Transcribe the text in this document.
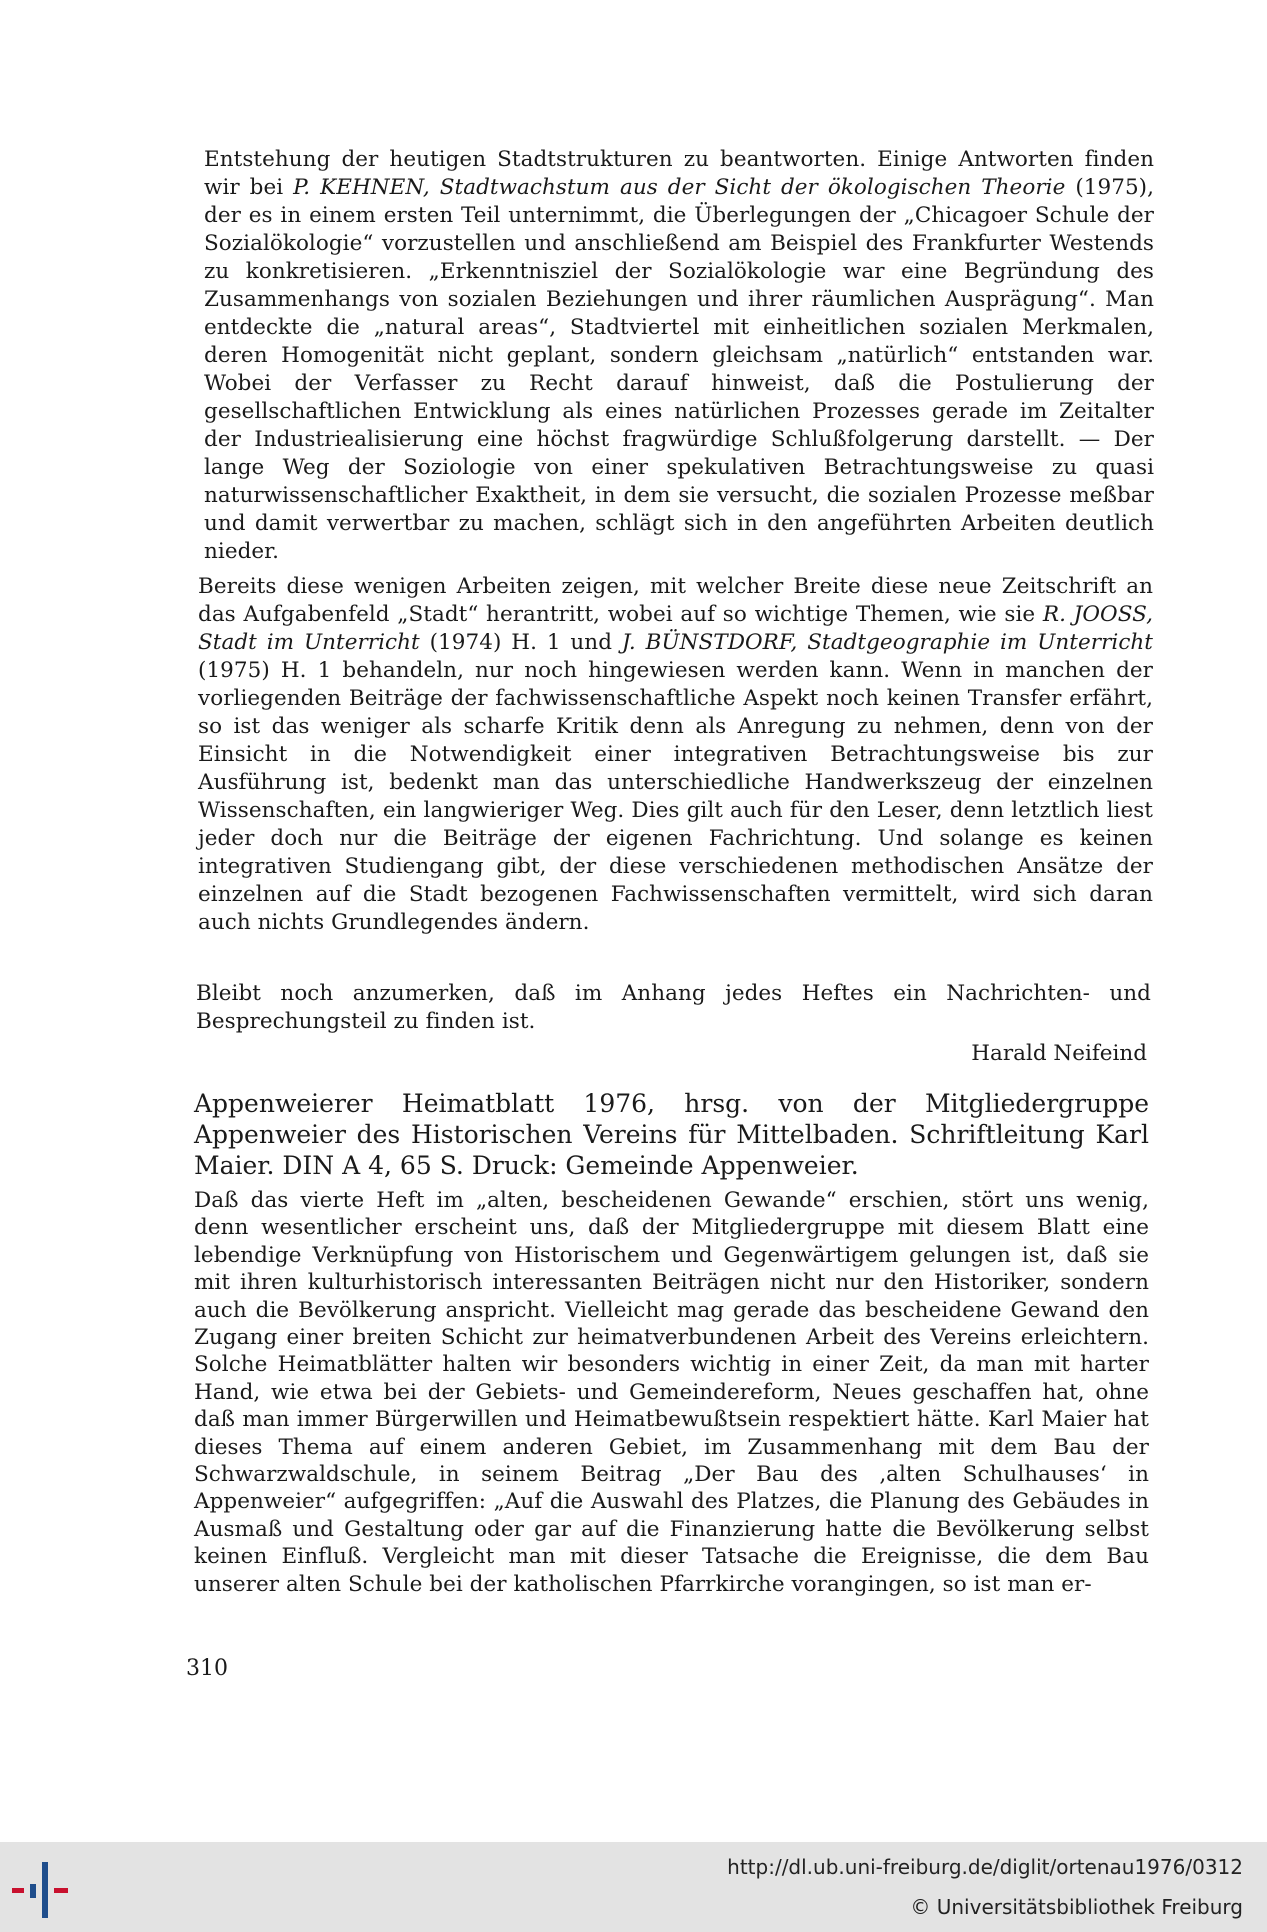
Entstehung der heutigen Stadtstrukturen zu beantworten. Einige Antworten finden wir bei P. KEHNEN, Stadtwachstum aus der Sicht der ökologischen Theorie (1975), der es in einem ersten Teil unternimmt, die Überlegungen der „Chicagoer Schule der Sozialökologie“ vorzustellen und anschließend am Beispiel des Frankfurter Westends zu konkretisieren. „Erkenntnisziel der Sozialökologie war eine Begründung des Zusammenhangs von sozialen Beziehungen und ihrer räumlichen Ausprägung“. Man entdeckte die „natural areas“, Stadtviertel mit einheitlichen sozialen Merkmalen, deren Homogenität nicht geplant, sondern gleichsam „natürlich“ entstanden war. Wobei der Verfasser zu Recht darauf hinweist, daß die Postulierung der gesellschaftlichen Entwicklung als eines natürlichen Prozesses gerade im Zeitalter der Industriealisierung eine höchst fragwürdige Schlußfolgerung darstellt. — Der lange Weg der Soziologie von einer spekulativen Betrachtungsweise zu quasi naturwissenschaftlicher Exaktheit, in dem sie versucht, die sozialen Prozesse meßbar und damit verwertbar zu machen, schlägt sich in den angeführten Arbeiten deutlich nieder.

Bereits diese wenigen Arbeiten zeigen, mit welcher Breite diese neue Zeitschrift an das Aufgabenfeld „Stadt“ herantritt, wobei auf so wichtige Themen, wie sie R. JOOSS, Stadt im Unterricht (1974) H. 1 und J. BÜNSTDORF, Stadtgeographie im Unterricht (1975) H. 1 behandeln, nur noch hingewiesen werden kann. Wenn in manchen der vorliegenden Beiträge der fachwissenschaftliche Aspekt noch keinen Transfer erfährt, so ist das weniger als scharfe Kritik denn als Anregung zu nehmen, denn von der Einsicht in die Notwendigkeit einer integrativen Betrachtungsweise bis zur Ausführung ist, bedenkt man das unterschiedliche Handwerkszeug der einzelnen Wissenschaften, ein langwieriger Weg. Dies gilt auch für den Leser, denn letztlich liest jeder doch nur die Beiträge der eigenen Fachrichtung. Und solange es keinen integrativen Studiengang gibt, der diese verschiedenen methodischen Ansätze der einzelnen auf die Stadt bezogenen Fachwissenschaften vermittelt, wird sich daran auch nichts Grundlegendes ändern.

Bleibt noch anzumerken, daß im Anhang jedes Heftes ein Nachrichten- und Besprechungsteil zu finden ist.

Harald Neifeind

Appenweierer Heimatblatt 1976, hrsg. von der Mitgliedergruppe Appenweier des Historischen Vereins für Mittelbaden. Schriftleitung Karl Maier. DIN A 4, 65 S. Druck: Gemeinde Appenweier.

Daß das vierte Heft im „alten, bescheidenen Gewande“ erschien, stört uns wenig, denn wesentlicher erscheint uns, daß der Mitgliedergruppe mit diesem Blatt eine lebendige Verknüpfung von Historischem und Gegenwärtigem gelungen ist, daß sie mit ihren kulturhistorisch interessanten Beiträgen nicht nur den Historiker, sondern auch die Bevölkerung anspricht. Vielleicht mag gerade das bescheidene Gewand den Zugang einer breiten Schicht zur heimatverbundenen Arbeit des Vereins erleichtern. Solche Heimatblätter halten wir besonders wichtig in einer Zeit, da man mit harter Hand, wie etwa bei der Gebiets- und Gemeindereform, Neues geschaffen hat, ohne daß man immer Bürgerwillen und Heimatbewußtsein respektiert hätte. Karl Maier hat dieses Thema auf einem anderen Gebiet, im Zusammenhang mit dem Bau der Schwarzwaldschule, in seinem Beitrag „Der Bau des ‚alten Schulhauses‘ in Appenweier“ aufgegriffen: „Auf die Auswahl des Platzes, die Planung des Gebäudes in Ausmaß und Gestaltung oder gar auf die Finanzierung hatte die Bevölkerung selbst keinen Einfluß. Vergleicht man mit dieser Tatsache die Ereignisse, die dem Bau unserer alten Schule bei der katholischen Pfarrkirche vorangingen, so ist man er-

310
http://dl.ub.uni-freiburg.de/diglit/ortenau1976/0312
© Universitätsbibliothek Freiburg
